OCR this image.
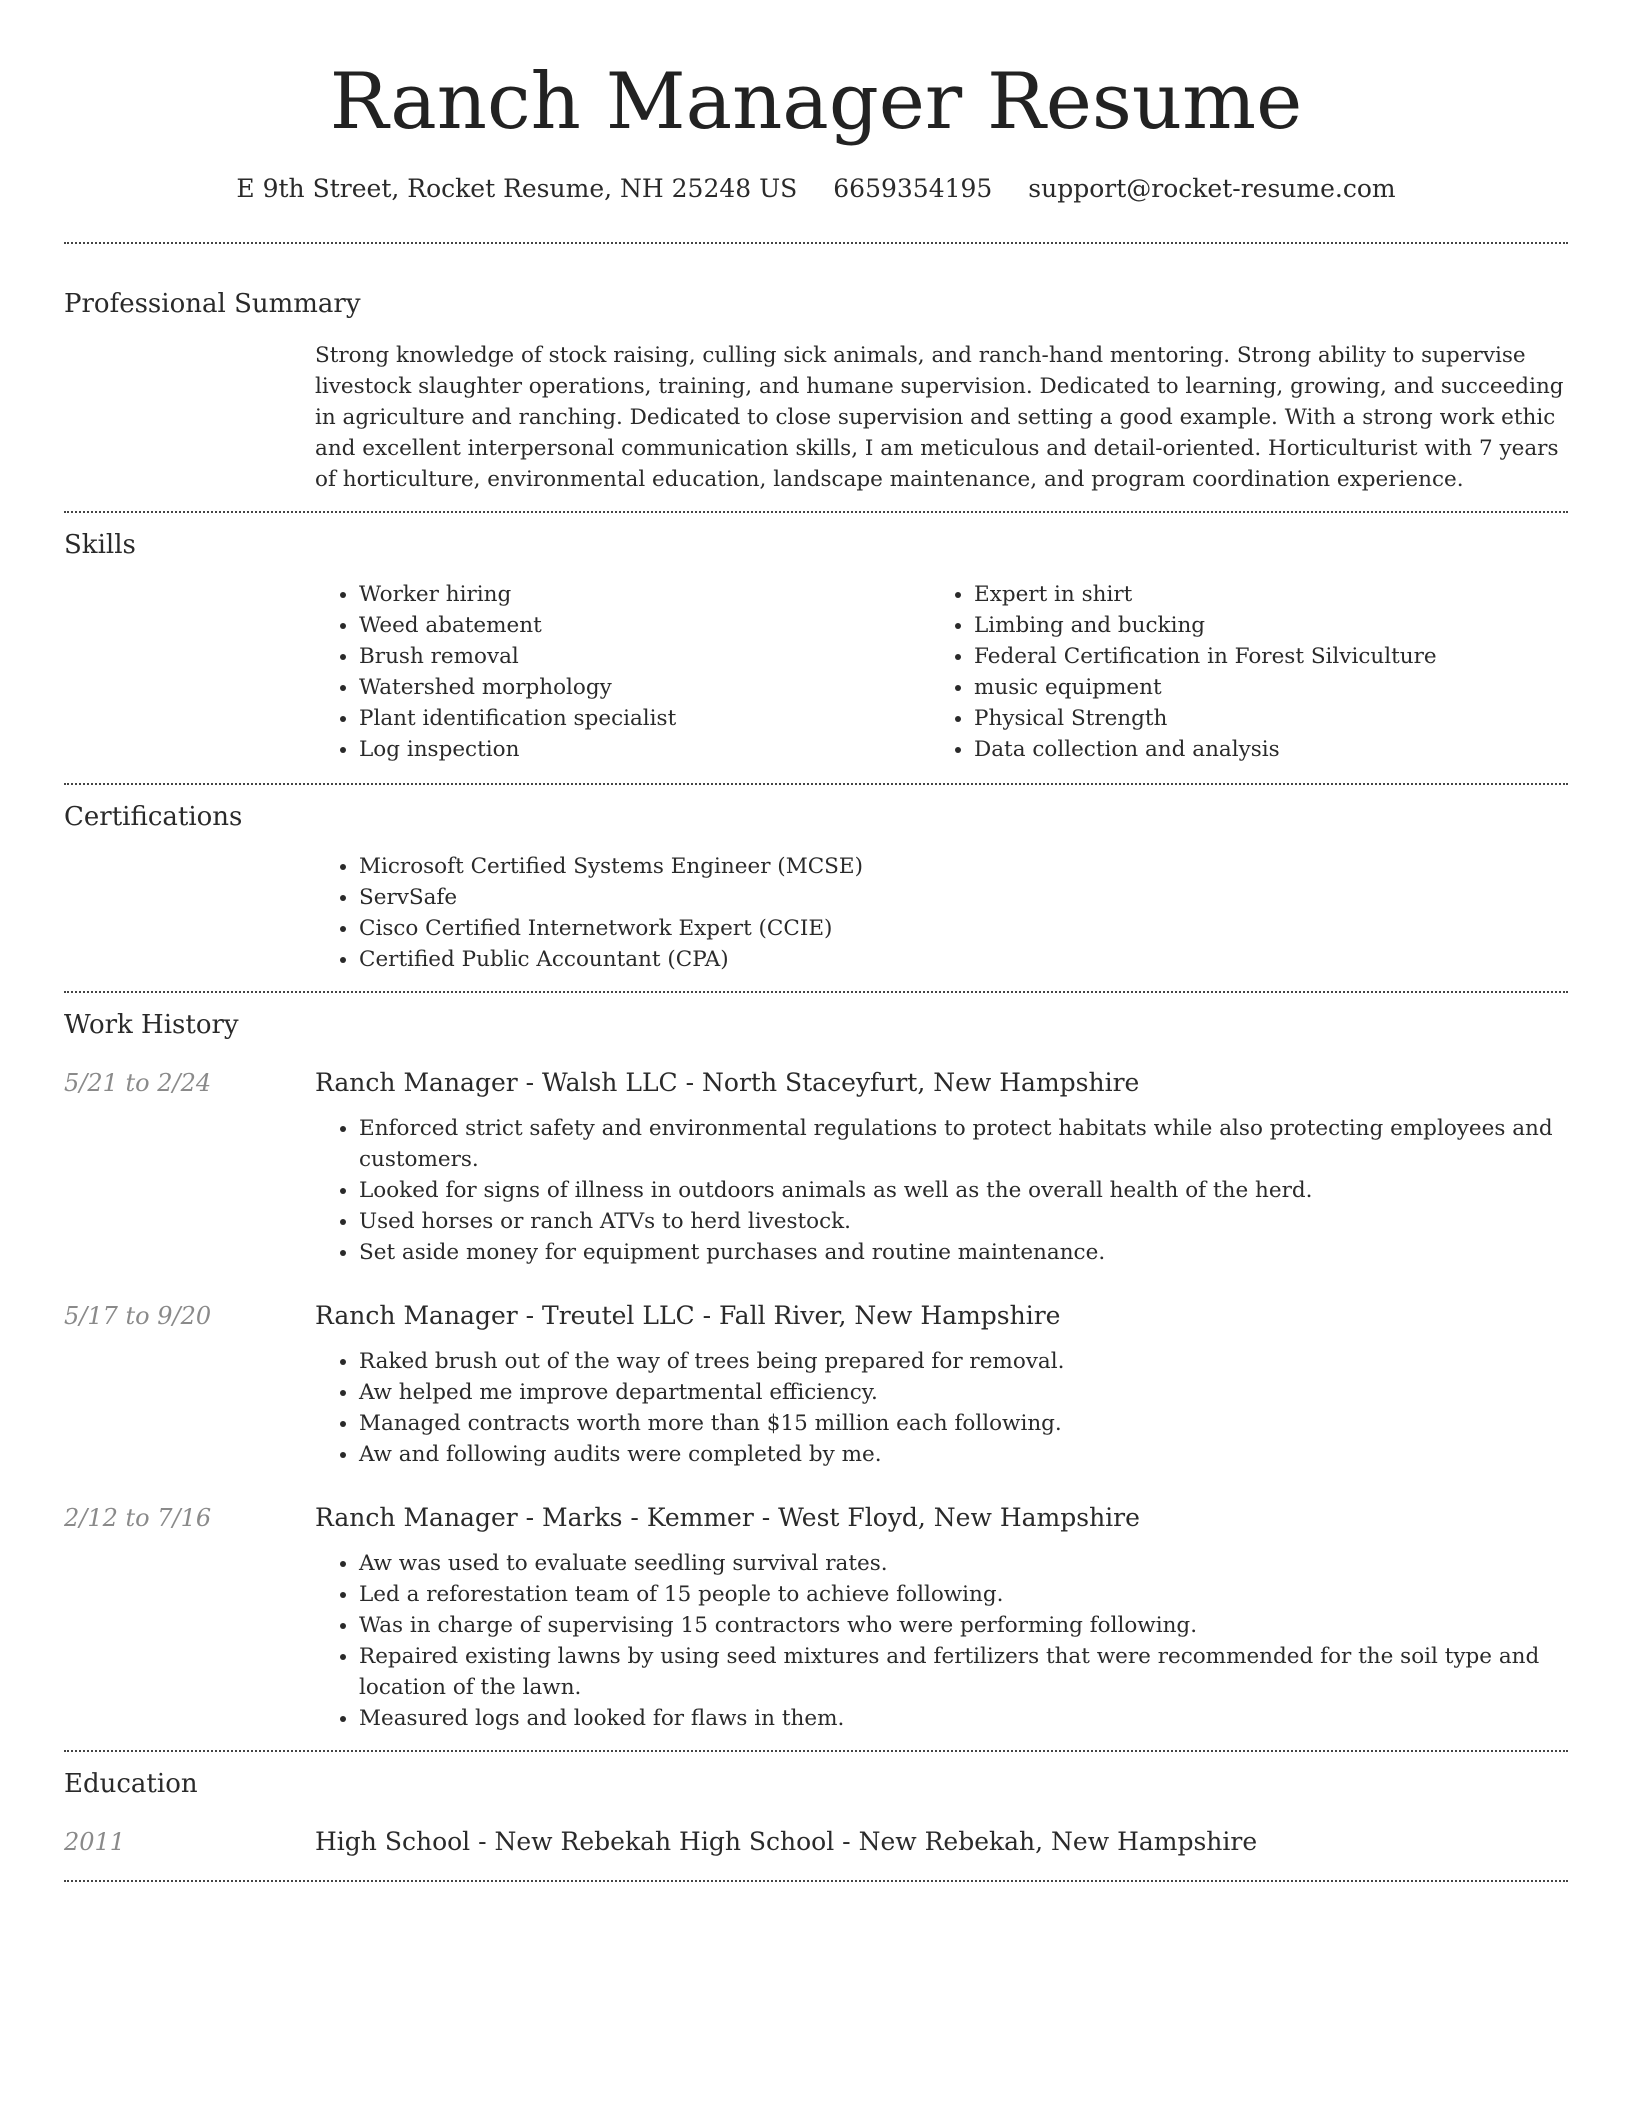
Ranch Manager Resume
E 9th Street, Rocket Resume, NH 25248 US 6659354195 support@rocket-resume.com
Professional Summary

Strong knowledge of stock raising, culling sick animals, and ranch-hand mentoring. Strong ability to supervise livestock slaughter operations, training, and humane supervision. Dedicated to learning, growing, and succeeding in agriculture and ranching. Dedicated to close supervision and setting a good example. With a strong work ethic and excellent interpersonal communication skills, I am meticulous and detail-oriented. Horticulturist with 7 years of horticulture, environmental education, landscape maintenance, and program coordination experience.

Skills
• Worker hiring
• Weed abatement
• Brush removal
• Watershed morphology
• Plant identification specialist
• Log inspection
• Expert in shirt
• Limbing and bucking
• Federal Certification in Forest Silviculture
• music equipment
• Physical Strength
• Data collection and analysis
Certifications
• Microsoft Certified Systems Engineer (MCSE)
• ServSafe
• Cisco Certified Internetwork Expert (CCIE)
• Certified Public Accountant (CPA)
Work History
5/21 to 2/24	Ranch Manager - Walsh LLC - North Staceyfurt, New Hampshire
• Enforced strict safety and environmental regulations to protect habitats while also protecting employees and customers.
• Looked for signs of illness in outdoors animals as well as the overall health of the herd.
• Used horses or ranch ATVs to herd livestock.
• Set aside money for equipment purchases and routine maintenance.
5/17 to 9/20	Ranch Manager - Treutel LLC - Fall River, New Hampshire
• Raked brush out of the way of trees being prepared for removal.
• Aw helped me improve departmental efficiency.
• Managed contracts worth more than $15 million each following.
• Aw and following audits were completed by me.
2/12 to 7/16	Ranch Manager - Marks - Kemmer - West Floyd, New Hampshire
• Aw was used to evaluate seedling survival rates.
• Led a reforestation team of 15 people to achieve following.
• Was in charge of supervising 15 contractors who were performing following.
• Repaired existing lawns by using seed mixtures and fertilizers that were recommended for the soil type and location of the lawn.
• Measured logs and looked for flaws in them.
Education
2011	High School - New Rebekah High School - New Rebekah, New Hampshire
